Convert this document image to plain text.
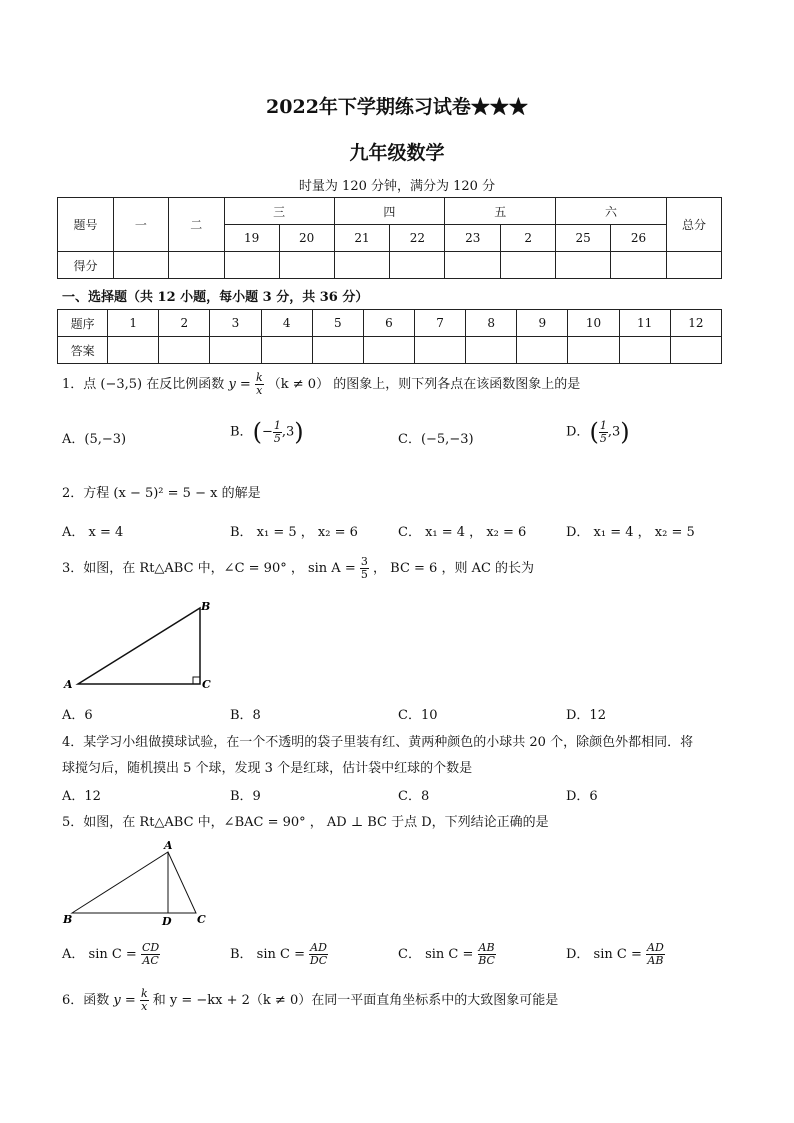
2022年下学期练习试卷★★★
九年级数学
时量为 120 分钟，满分为 120 分
题号	一	二	三		四		五		六		总分
			19	20	21	22	23	2	25	26	
得分											
一、选择题（共 12 小题，每小题 3 分，共 36 分）
题序	1	2	3	4	5	6	7	8	9	10	11	12
答案												
1．点 (−3,5) 在反比例函数 $y = \frac{k}{x} (k \ne 0)$ 的图象上，则下列各点在该函数图象上的是
A．(5,−3)	B．(− $\frac{1}{5} ,3$)	C．(−5,−3)	D．( $\frac{1}{5} ,3$)
2．方程 (x − 5)² = 5 − x 的解是
A． x = 4	B． x₁ = 5 ， x₂ = 6	C． x₁ = 4 ， x₂ = 6	D． x₁ = 4 ， x₂ = 5
3．如图，在 Rt△ABC 中，∠C = 90° ， $\sin A = \frac{3}{5}$ ， BC = 6 ，则 AC 的长为
A
B
C
A．6	B．8	C．10	D．12
4．某学习小组做摸球试验，在一个不透明的袋子里装有红、黄两种颜色的小球共 20 个，除颜色外都相同．将
球搅匀后，随机摸出 5 个球，发现 3 个是红球，估计袋中红球的个数是
A．12	B．9	C．8	D．6
5．如图，在 Rt△ABC 中，∠BAC = 90° ， AD ⊥ BC 于点 D，下列结论正确的是
A
B	C
D
A． $\sin C = \frac{CD}{AC}$	B． $\sin C = \frac{AD}{DC}$	C． $\sin C = \frac{AB}{BC}$	D． $\sin C = \frac{AD}{AB}$
6．函数 $y = \frac{k}{x}$ 和 y = −kx + 2（k ≠ 0）在同一平面直角坐标系中的大致图象可能是
